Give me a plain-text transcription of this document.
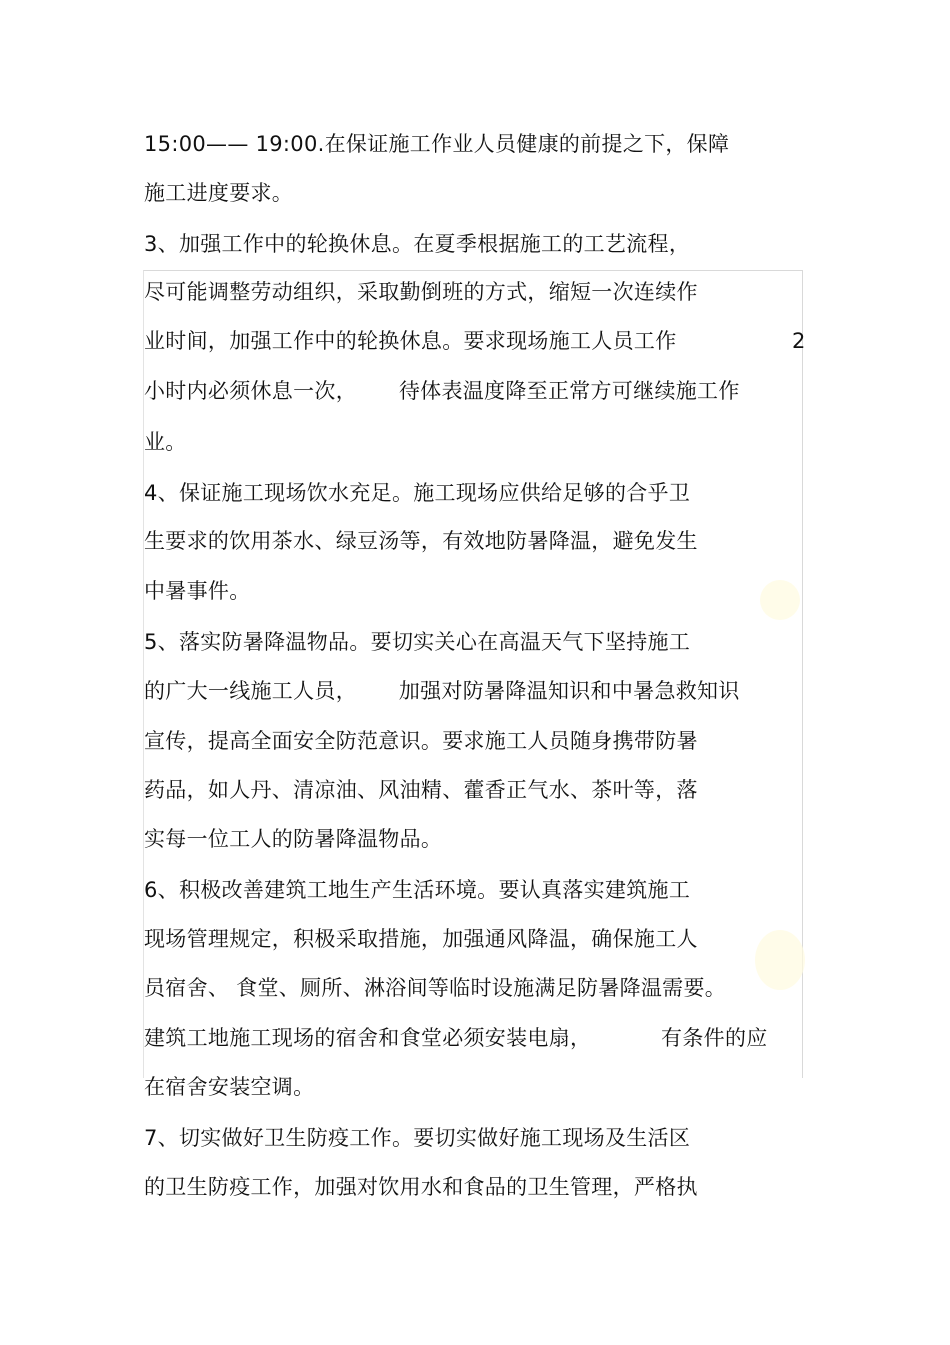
15:00—— 19:00.在保证施工作业人员健康的前提之下，保障
施工进度要求。
3、加强工作中的轮换休息。在夏季根据施工的工艺流程，
尽可能调整劳动组织，采取勤倒班的方式，缩短一次连续作
业时间，加强工作中的轮换休息。要求现场施工人员工作	2
小时内必须休息一次，      待体表温度降至正常方可继续施工作
业。
4、保证施工现场饮水充足。施工现场应供给足够的合乎卫
生要求的饮用茶水、绿豆汤等，有效地防暑降温，避免发生
中暑事件。
5、落实防暑降温物品。要切实关心在高温天气下坚持施工
的广大一线施工人员，      加强对防暑降温知识和中暑急救知识
宣传，提高全面安全防范意识。要求施工人员随身携带防暑
药品，如人丹、清凉油、风油精、藿香正气水、茶叶等，落
实每一位工人的防暑降温物品。
6、积极改善建筑工地生产生活环境。要认真落实建筑施工
现场管理规定，积极采取措施，加强通风降温，确保施工人
员宿舍、 食堂、厕所、淋浴间等临时设施满足防暑降温需要。
建筑工地施工现场的宿舍和食堂必须安装电扇，          有条件的应
在宿舍安装空调。
7、切实做好卫生防疫工作。要切实做好施工现场及生活区
的卫生防疫工作，加强对饮用水和食品的卫生管理，严格执
